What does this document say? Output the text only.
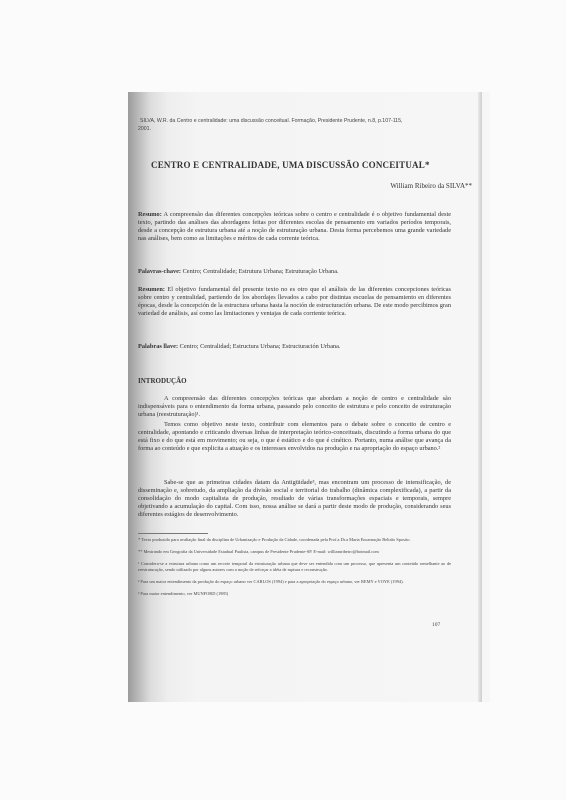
SILVA, W.R. da Centro e centralidade: uma discussão conceitual. Formação, Presidente Prudente, n.8, p.107-115,
2001.
CENTRO E CENTRALIDADE, UMA DISCUSSÃO CONCEITUAL*
William Ribeiro da SILVA**
Resumo: A compreensão das diferentes concepções teóricas sobre o centro e centralidade é o objetivo fundamental deste texto, partindo das análises das abordagens feitas por diferentes escolas de pensamento em variados períodos temporais, desde a concepção de estrutura urbana até a noção de estruturação urbana. Desta forma percebemos uma grande variedade nas análises, bem como as limitações e méritos de cada corrente teórica.
Palavras-chave: Centro; Centralidade; Estrutura Urbana; Estruturação Urbana.
Resumen: El objetivo fundamental del presente texto no es otro que el análisis de las diferentes concepciones teóricas sobre centro y centralidad, partiendo de los abordajes llevados a cabo por distintas escuelas de pensamiento en diferentes épocas, desde la concepción de la estructura urbana hasta la noción de estructuración urbana. De este modo percibimos gran variedad de análisis, así como las limitaciones y ventajas de cada corriente teórica.
Palabras llave: Centro; Centralidad; Estructura Urbana; Estructuración Urbana.
INTRODUÇÃO
A compreensão das diferentes concepções teóricas que abordam a noção de centro e centralidade são indispensáveis para o entendimento da forma urbana, passando pelo conceito de estrutura e pelo conceito de estruturação urbana (reestruturação)¹.
Temos como objetivo neste texto, contribuir com elementos para o debate sobre o conceito de centro e centralidade, apontando e criticando diversas linhas de interpretação teórico-conceituais, discutindo a forma urbana do que está fixo e do que está em movimento; ou seja, o que é estático e do que é cinético. Portanto, numa análise que avança da forma ao conteúdo e que explicita a atuação e os interesses envolvidos na produção e na apropriação do espaço urbano.²
Sabe-se que as primeiras cidades datam da Antigüidade³, mas encontram um processo de intensificação, de disseminação e, sobretudo, da ampliação da divisão social e territorial do trabalho (dinâmica complexificada), a partir da consolidação do modo capitalista de produção, resultado de várias transformações espaciais e temporais, sempre objetivando a acumulação do capital. Com isso, nossa análise se dará a partir deste modo de produção, considerando seus diferentes estágios de desenvolvimento.
* Texto produzido para avaliação final da disciplina de Urbanização e Produção da Cidade, coordenada pela Prof.a Dr.a Maria Encarnação Beltrão Sposito.
** Mestrando em Geografia da Universidade Estadual Paulista, campus de Presidente Prudente-SP. E-mail: williamribeiro@hotmail.com
¹ Considera-se a estrutura urbana como um recorte temporal da estruturação urbana que deve ser entendida com um processo, que apresenta um conteúdo semelhante ao de reestruturação, sendo utilizado por alguns autores com a noção de reforçar a idéia de ruptura e reconstrução.
² Para um maior entendimento da produção do espaço urbano ver CARLOS (1994) e para a apropriação do espaço urbano, ver REMY e VOYE (1994).
³ Para maior entendimento, ver MUNFORD (1985)
107
